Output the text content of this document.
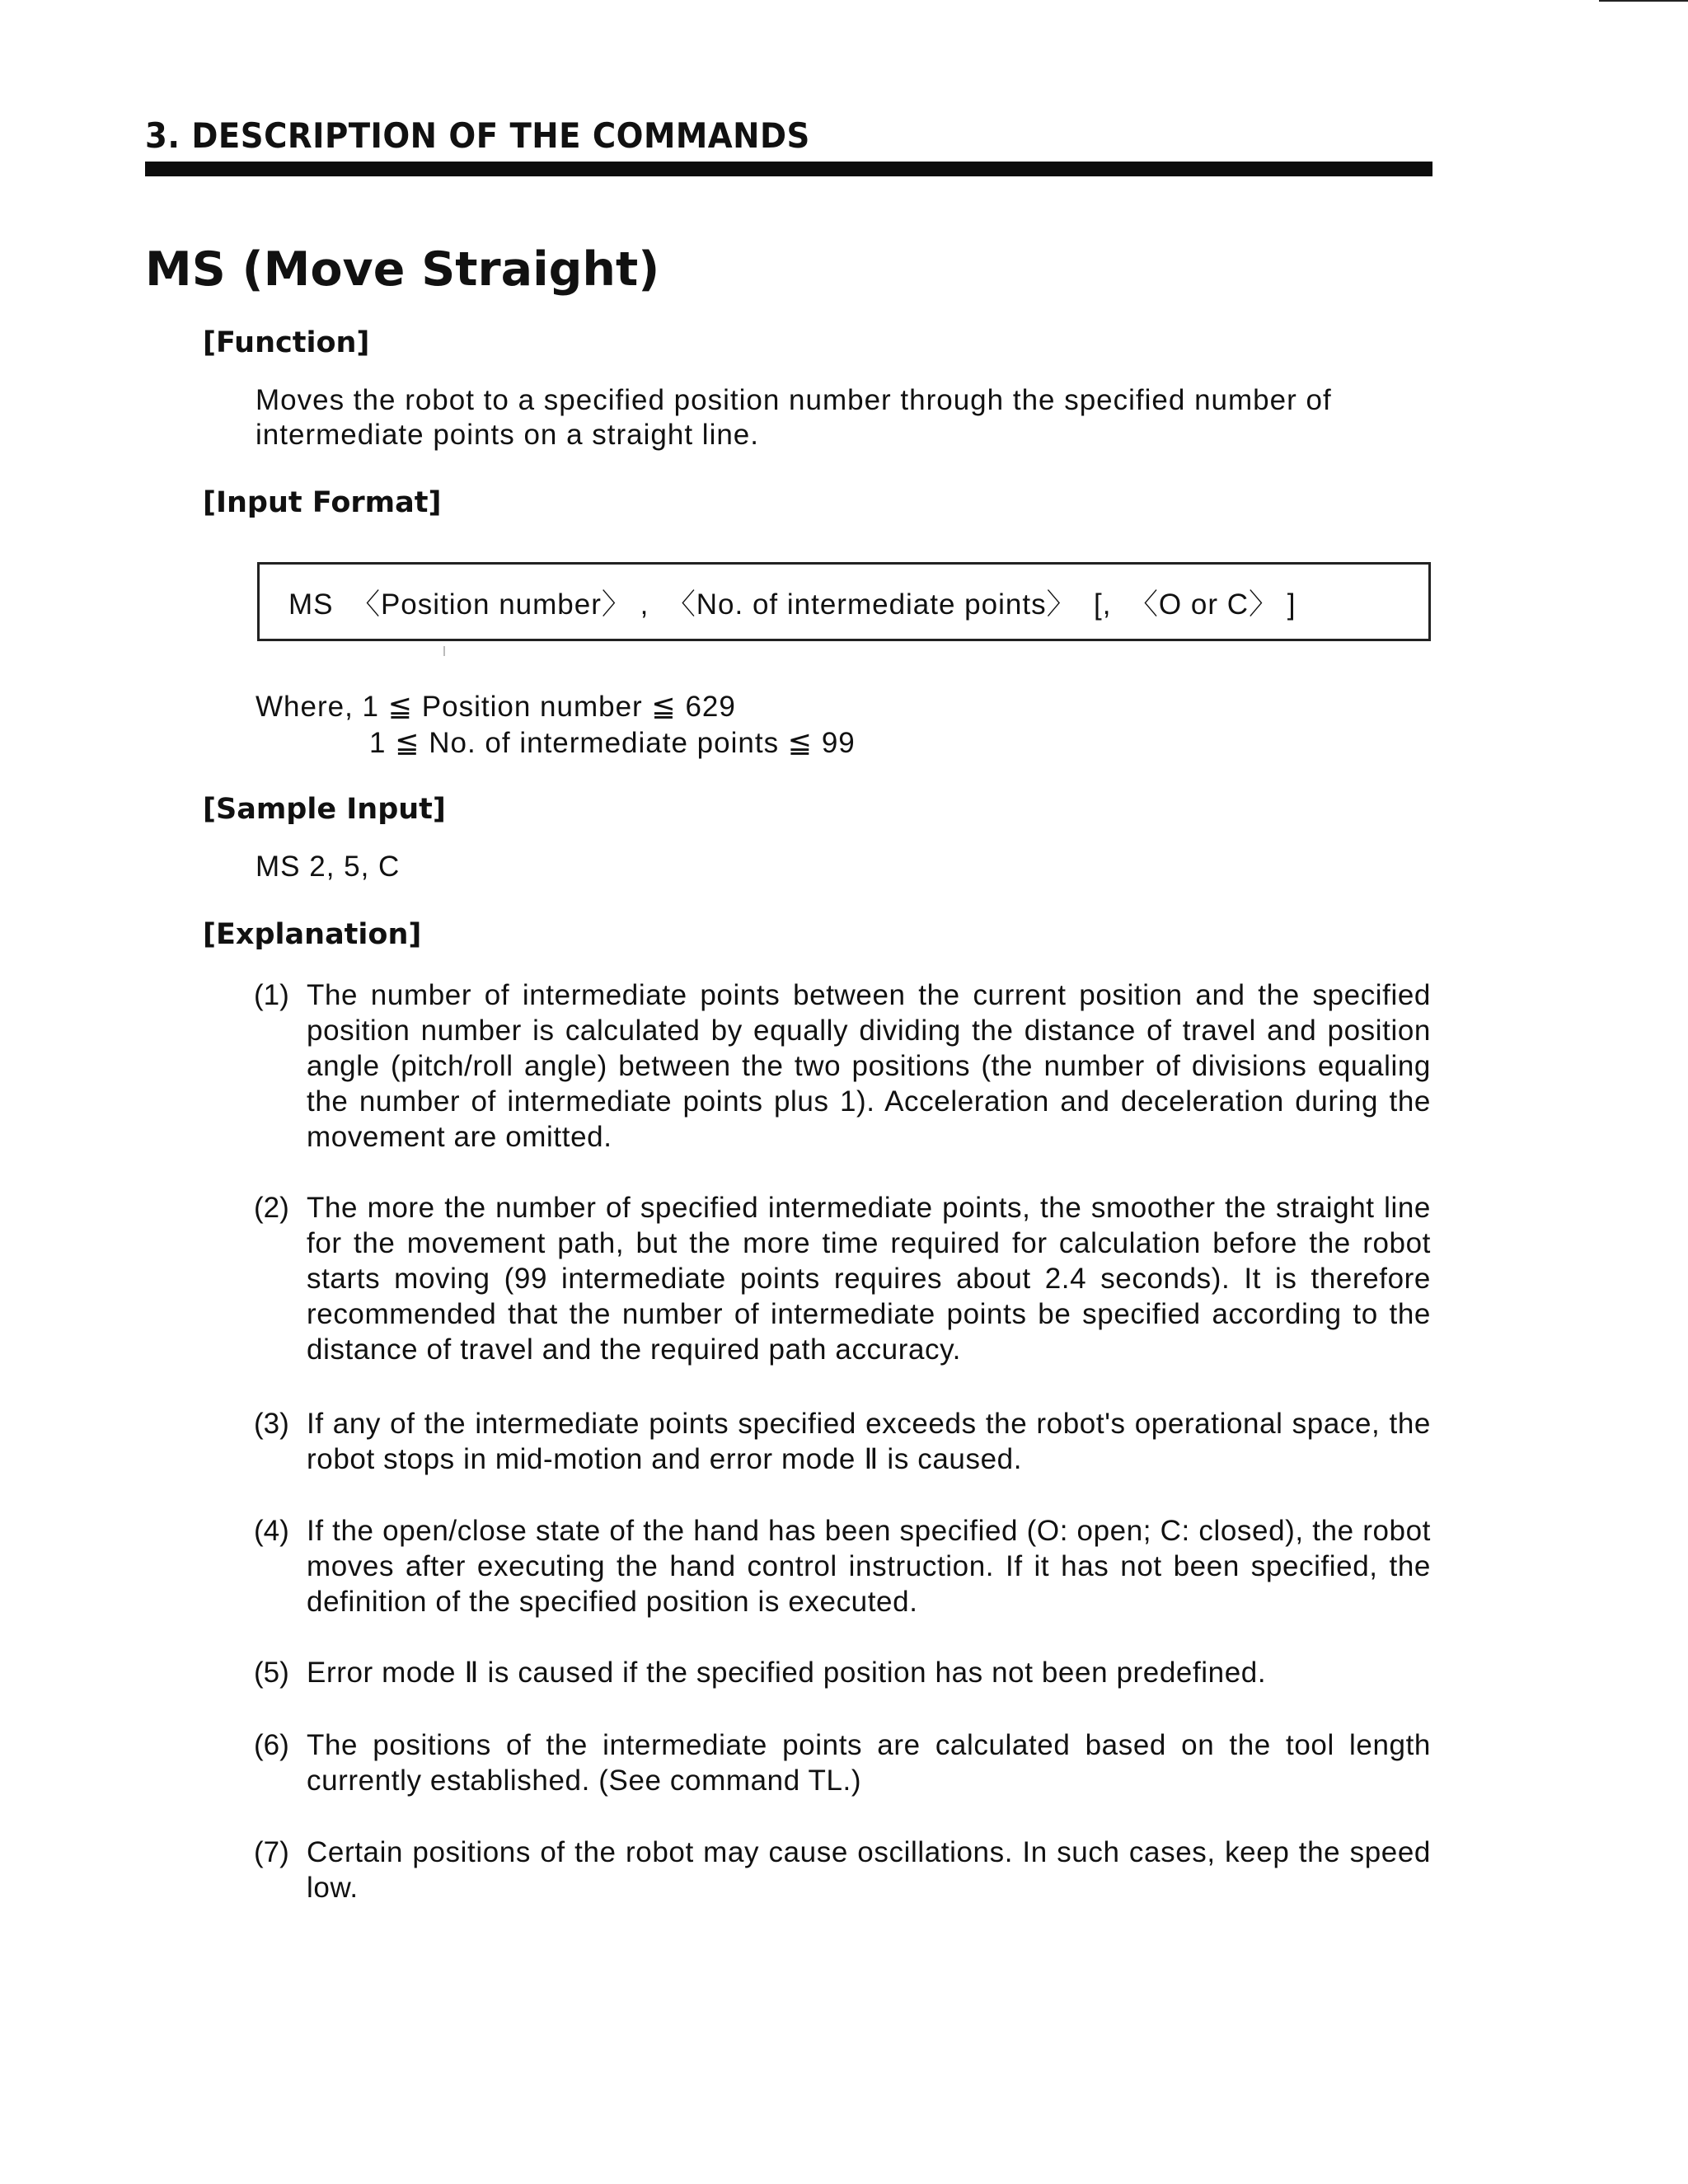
3. DESCRIPTION OF THE COMMANDS
MS (Move Straight)
[Function]
Moves the robot to a specified position number through the specified number of
intermediate points on a straight line.
[Input Format]
MS  〈Position number〉 ,  〈No. of intermediate points〉  [,  〈O or C〉 ]
Where, 1 ≦ Position number ≦ 629
1 ≦ No. of intermediate points ≦ 99
[Sample Input]
MS 2, 5, C
[Explanation]
(1) The number of intermediate points between the current position and the specified position number is calculated by equally dividing the distance of travel and position angle (pitch/roll angle) between the two positions (the number of divisions equaling the number of intermediate points plus 1). Acceleration and deceleration during the movement are omitted.
(2) The more the number of specified intermediate points, the smoother the straight line for the movement path, but the more time required for calculation before the robot starts moving (99 intermediate points requires about 2.4 seconds). It is therefore recommended that the number of intermediate points be specified according to the distance of travel and the required path accuracy.
(3) If any of the intermediate points specified exceeds the robot's operational space, the robot stops in mid-motion and error mode Ⅱ is caused.
(4) If the open/close state of the hand has been specified (O: open; C: closed), the robot moves after executing the hand control instruction. If it has not been specified, the definition of the specified position is executed.
(5) Error mode Ⅱ is caused if the specified position has not been predefined.
(6) The positions of the intermediate points are calculated based on the tool length currently established. (See command TL.)
(7) Certain positions of the robot may cause oscillations. In such cases, keep the speed low.
